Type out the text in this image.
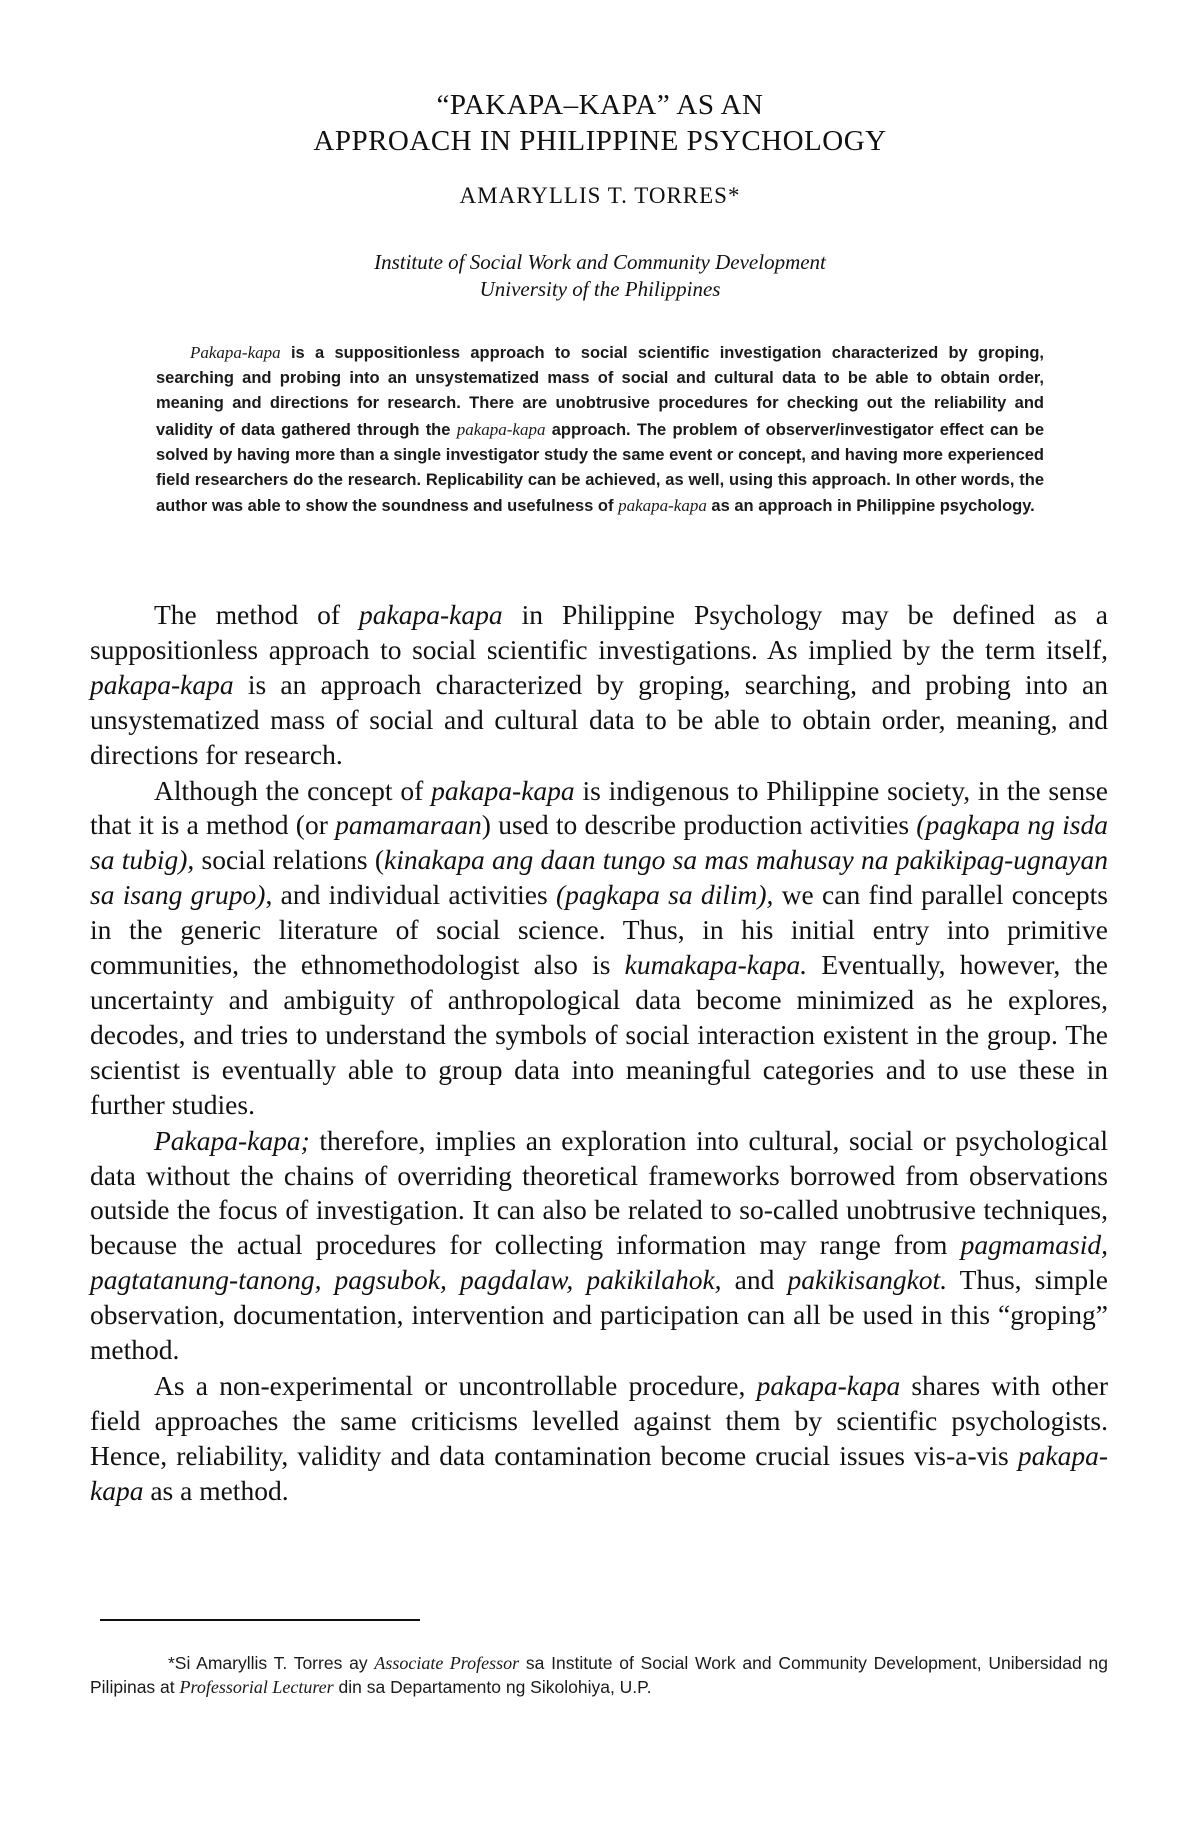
“PAKAPA–KAPA” AS AN
APPROACH IN PHILIPPINE PSYCHOLOGY
AMARYLLIS T. TORRES*
Institute of Social Work and Community Development
University of the Philippines
Pakapa-kapa is a suppositionless approach to social scientific investigation characterized by groping, searching and probing into an unsystematized mass of social and cultural data to be able to obtain order, meaning and directions for research. There are unobtrusive procedures for checking out the reliability and validity of data gathered through the pakapa-kapa approach. The problem of observer/investigator effect can be solved by having more than a single investigator study the same event or concept, and having more experienced field researchers do the research. Replicability can be achieved, as well, using this approach. In other words, the author was able to show the soundness and usefulness of pakapa-kapa as an approach in Philippine psychology.

The method of pakapa-kapa in Philippine Psychology may be defined as a suppositionless approach to social scientific investigations. As implied by the term itself, pakapa-kapa is an approach characterized by groping, searching, and probing into an unsystematized mass of social and cultural data to be able to obtain order, meaning, and directions for research.

Although the concept of pakapa-kapa is indigenous to Philippine society, in the sense that it is a method (or pamamaraan) used to describe production activities (pagkapa ng isda sa tubig), social relations (kinakapa ang daan tungo sa mas mahusay na pakikipag-ugnayan sa isang grupo), and individual activities (pagkapa sa dilim), we can find parallel concepts in the generic literature of social science. Thus, in his initial entry into primitive communities, the ethnomethodologist also is kumakapa-kapa. Eventually, however, the uncertainty and ambiguity of anthropological data become minimized as he explores, decodes, and tries to understand the symbols of social interaction existent in the group. The scientist is eventually able to group data into meaningful categories and to use these in further studies.

Pakapa-kapa; therefore, implies an exploration into cultural, social or psychological data without the chains of overriding theoretical frameworks borrowed from observations outside the focus of investigation. It can also be related to so-called unobtrusive techniques, because the actual procedures for collecting information may range from pagmamasid, pagtatanung-tanong, pagsubok, pagdalaw, pakikilahok, and pakikisangkot. Thus, simple observation, documentation, intervention and participation can all be used in this “groping” method.

As a non-experimental or uncontrollable procedure, pakapa-kapa shares with other field approaches the same criticisms levelled against them by scientific psychologists. Hence, reliability, validity and data contamination become crucial issues vis-a-vis pakapa-kapa as a method.

*Si Amaryllis T. Torres ay Associate Professor sa Institute of Social Work and Community Development, Unibersidad ng Pilipinas at Professorial Lecturer din sa Departamento ng Sikolohiya, U.P.
